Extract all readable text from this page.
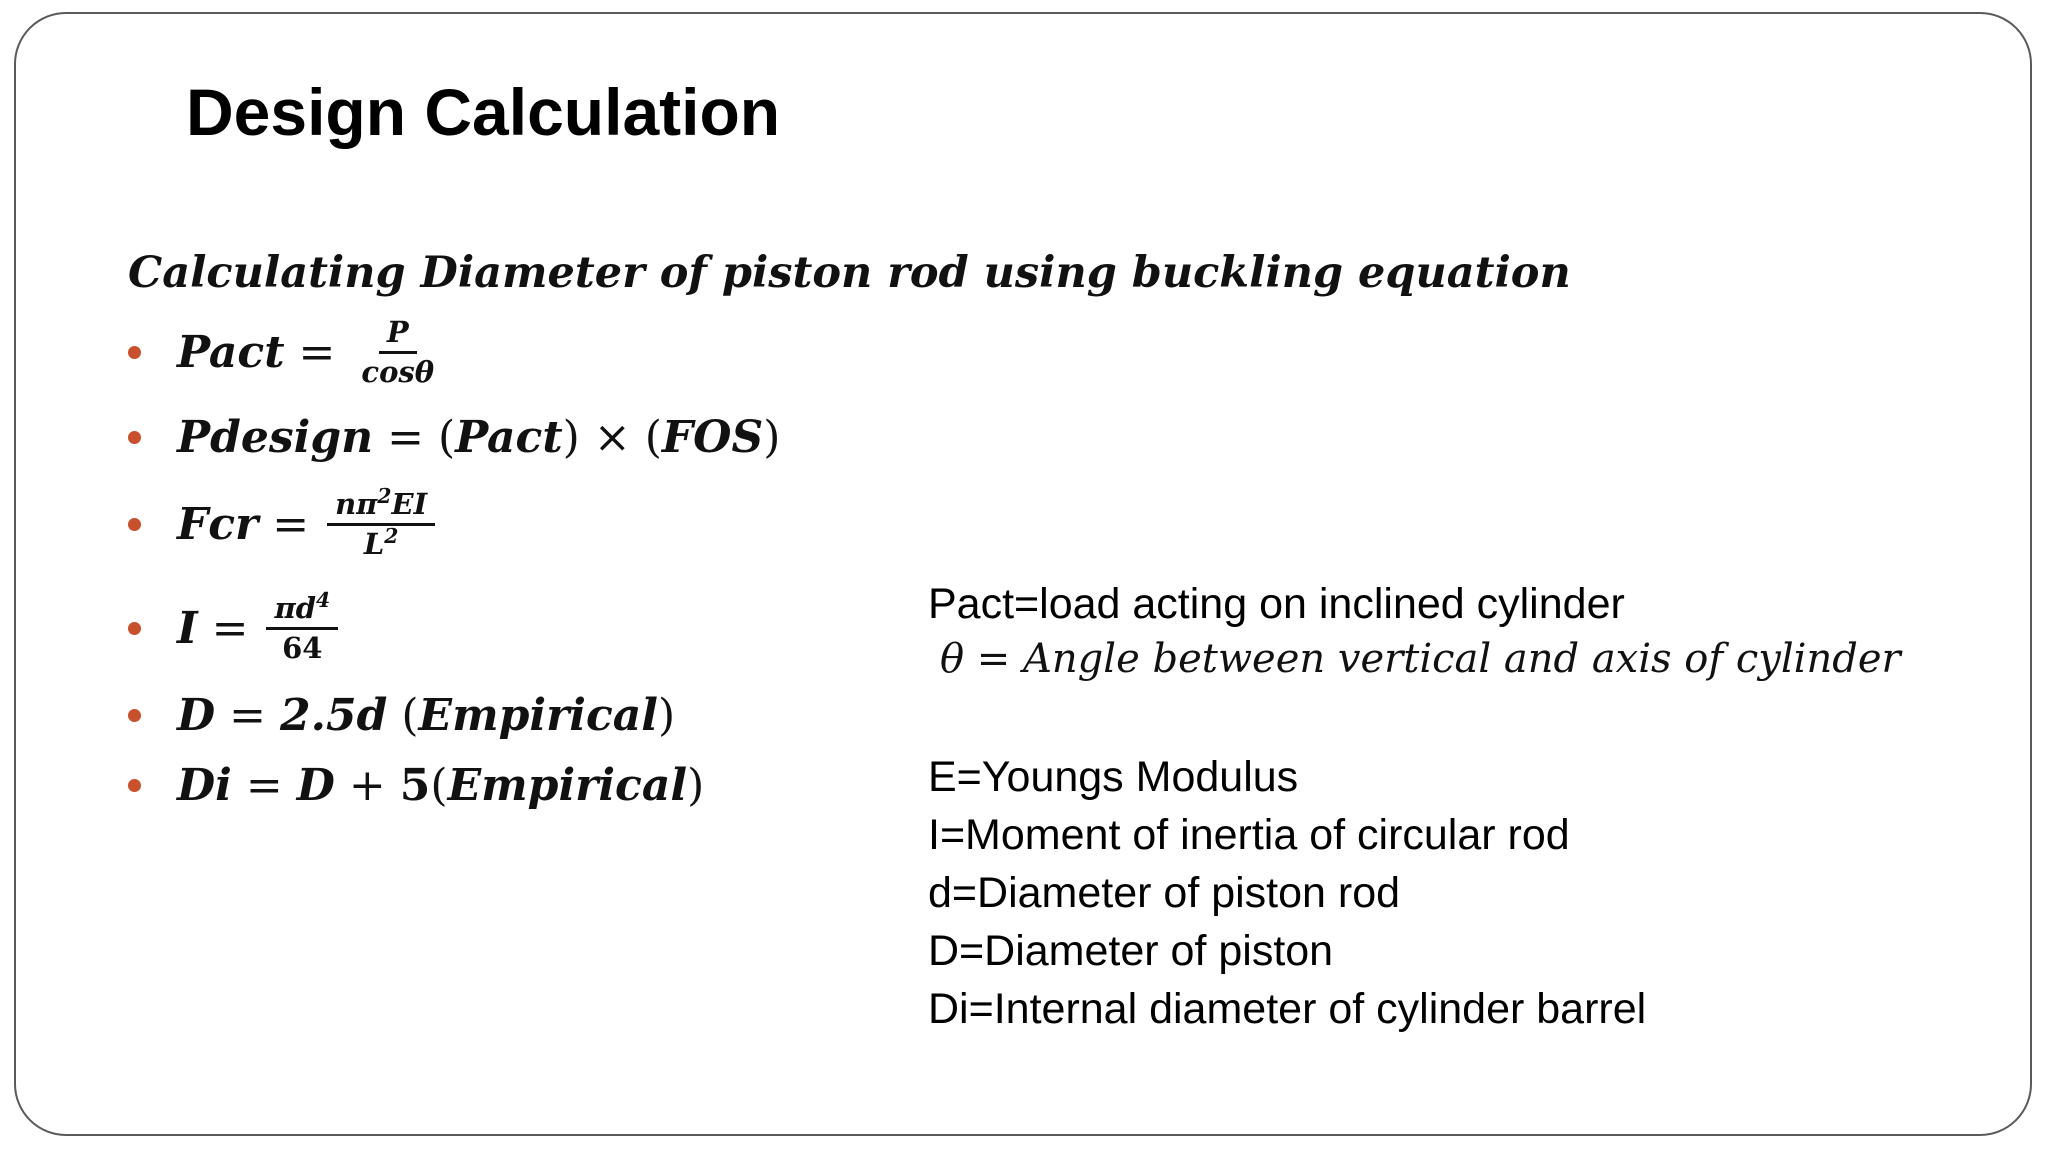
Design Calculation
Calculating Diameter of piston rod using buckling equation
Pact = $\frac{P}{\cos\theta}$
Pdesign = ( Pact ) × ( FOS )
Fcr = $\frac{n\pi^2EI}{L^2}$
$I = \frac{\pi d^4}{64}$
D = 2.5d ( Empirical )
Di = D + 5 ( Empirical )
Pact=load acting on inclined cylinder
θ = Angle between vertical and axis of cylinder
E=Youngs Modulus
I=Moment of inertia of circular rod
d=Diameter of piston rod
D=Diameter of piston
Di=Internal diameter of cylinder barrel
